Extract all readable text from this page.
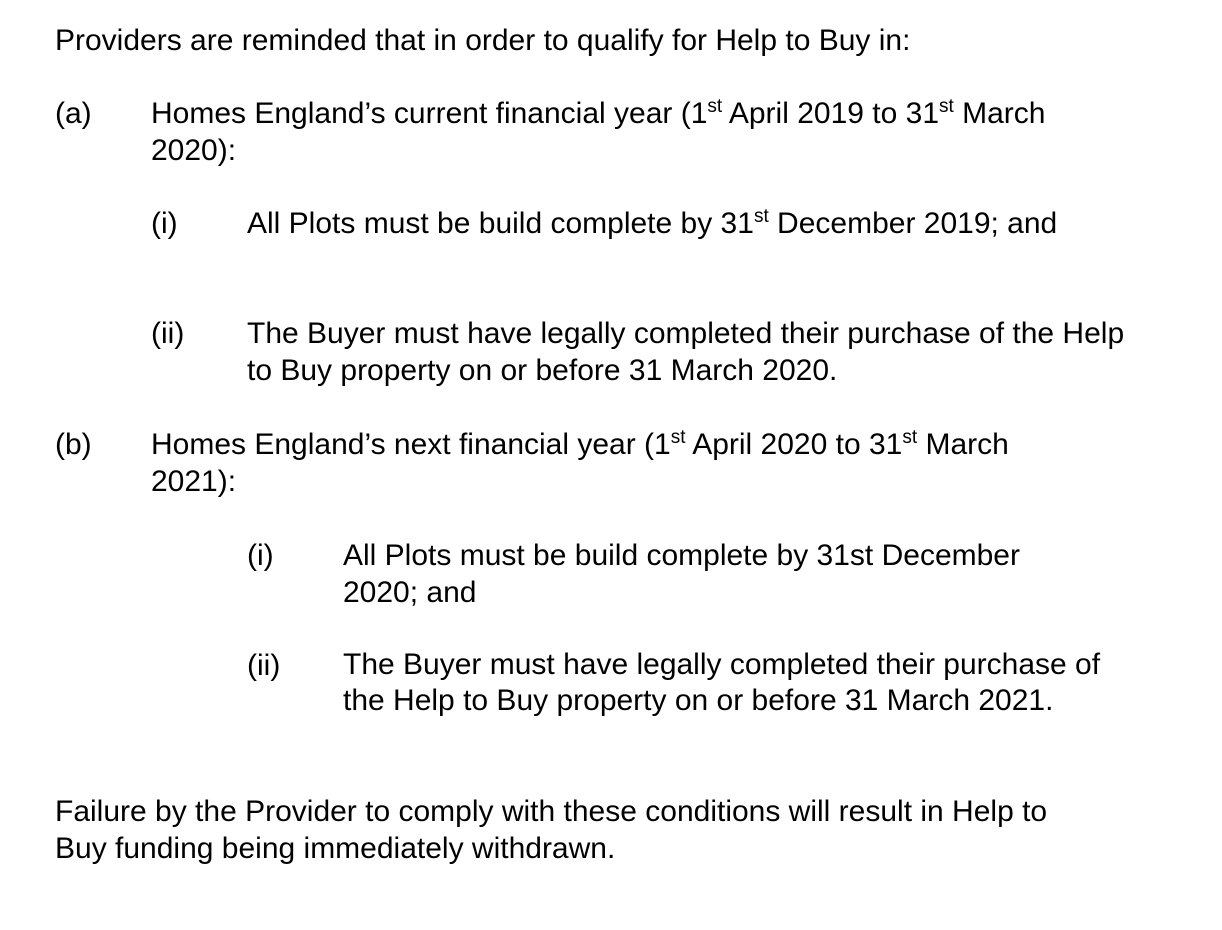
Providers are reminded that in order to qualify for Help to Buy in:

(a) Homes England’s current financial year (1st April 2019 to 31st March 2020):

(i) All Plots must be build complete by 31st December 2019; and

(ii) The Buyer must have legally completed their purchase of the Help to Buy property on or before 31 March 2020.

(b) Homes England’s next financial year (1st April 2020 to 31st March 2021):

(i) All Plots must be build complete by 31st December 2020; and

(ii) The Buyer must have legally completed their purchase of the Help to Buy property on or before 31 March 2021.

Failure by the Provider to comply with these conditions will result in Help to Buy funding being immediately withdrawn.
